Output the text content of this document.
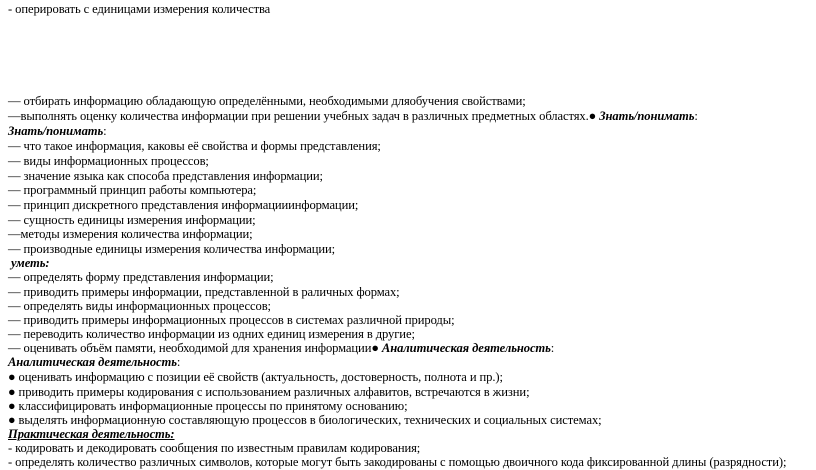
- оперировать с единицами измерения количества
— отбирать информацию обладающую определёнными, необходимыми дляобучения свойствами;
—выполнять оценку количества информации при решении учебных задач в различных предметных областях.● Знать/понимать:
Знать/понимать:
— что такое информация, каковы её свойства и формы представления;
— виды информационных процессов;
— значение языка как способа представления информации;
— программный принцип работы компьютера;
— принцип дискретного представления информацииинформации;
— сущность единицы измерения информации;
—методы измерения количества информации;
— производные единицы измерения количества информации;
уметь:
— определять форму представления информации;
— приводить примеры информации, представленной в раличных формах;
— определять виды информационных процессов;
— приводить примеры информационных процессов в системах различной природы;
— переводить количество информации из одних единиц измерения в другие;
— оценивать объём памяти, необходимой для хранения информации● Аналитическая деятельность:
Аналитическая деятельность:
● оценивать информацию с позиции её свойств (актуальность, достоверность, полнота и пр.);
● приводить примеры кодирования с использованием различных алфавитов, встречаются в жизни;
● классифицировать информационные процессы по принятому основанию;
● выделять информационную составляющую процессов в биологических, технических и социальных системах;
Практическая деятельность:
- кодировать и декодировать сообщения по известным правилам кодирования;
- определять количество различных символов, которые могут быть закодированы с помощью двоичного кода фиксированной длины (разрядности);
